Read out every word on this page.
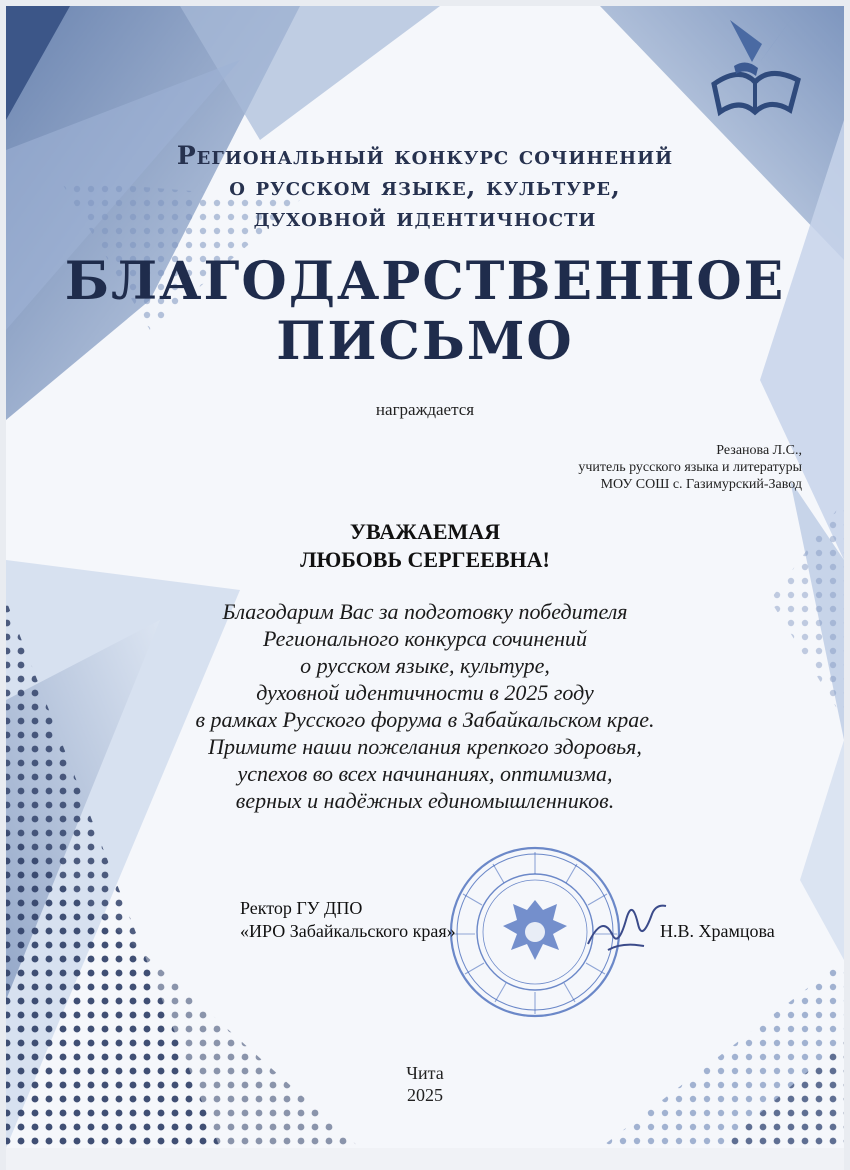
Региональный конкурс сочинений
о русском языке, культуре,
духовной идентичности
БЛАГОДАРСТВЕННОЕ
ПИСЬМО
награждается
Резанова Л.С.,
учитель русского языка и литературы
МОУ СОШ с. Газимурский-Завод
УВАЖАЕМАЯ
ЛЮБОВЬ СЕРГЕЕВНА!
Благодарим Вас за подготовку победителя
Регионального конкурса сочинений
о русском языке, культуре,
духовной идентичности в 2025 году
в рамках Русского форума в Забайкальском крае.
Примите наши пожелания крепкого здоровья,
успехов во всех начинаниях, оптимизма,
верных и надёжных единомышленников.
Ректор ГУ ДПО
«ИРО Забайкальского края»	Н.В. Храмцова
Чита
2025
